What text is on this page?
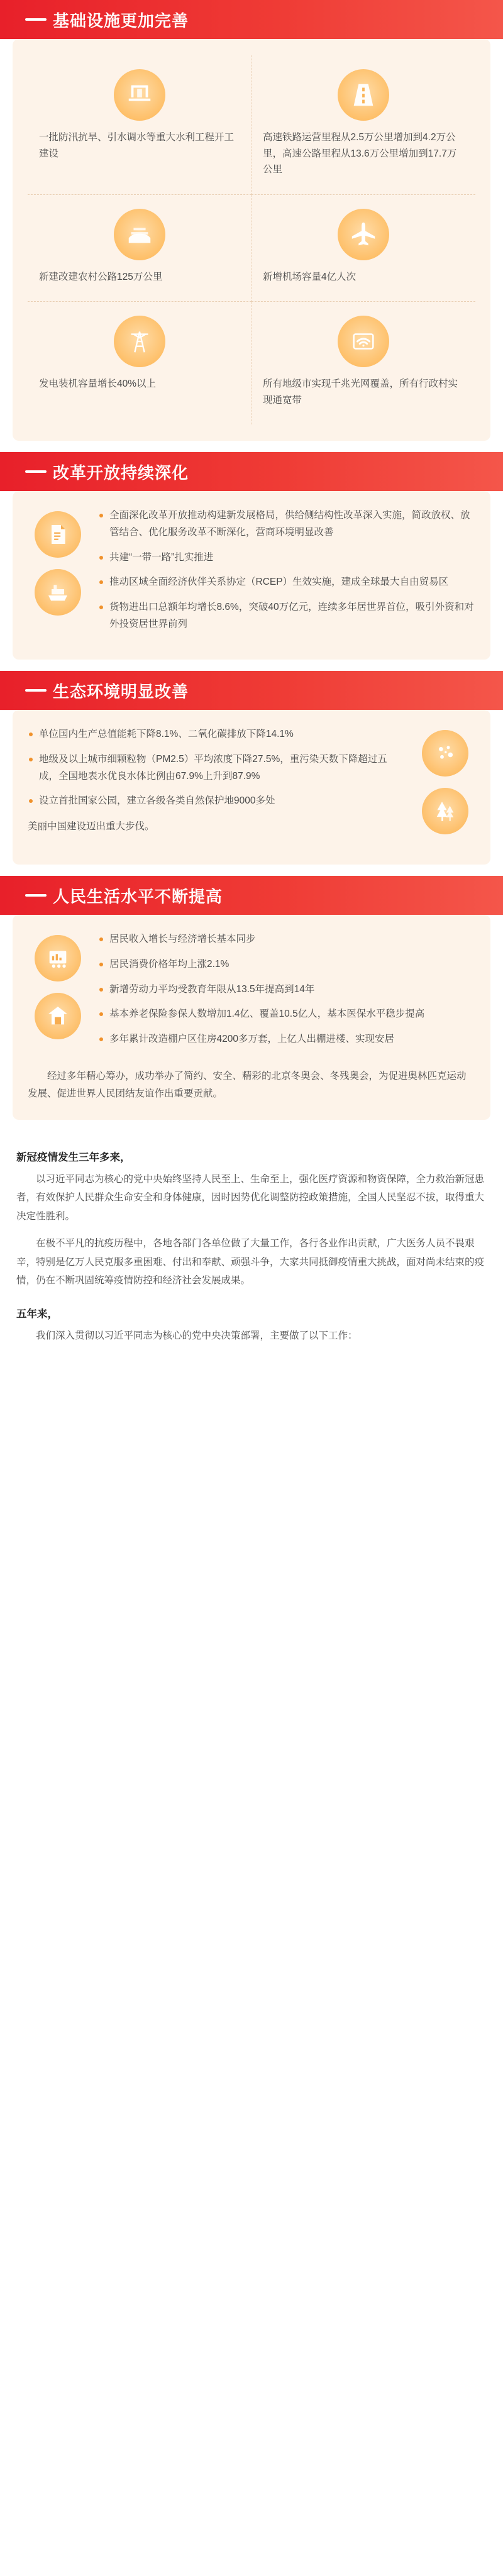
基础设施更加完善
一批防汛抗旱、引水调水等重大水利工程开工建设
高速铁路运营里程从2.5万公里增加到4.2万公里，高速公路里程从13.6万公里增加到17.7万公里
新建改建农村公路125万公里	新增机场容量4亿人次
发电装机容量增长40%以上	所有地级市实现千兆光网覆盖，所有行政村实现通宽带
改革开放持续深化
全面深化改革开放推动构建新发展格局，供给侧结构性改革深入实施，简政放权、放管结合、优化服务改革不断深化，营商环境明显改善
共建“一带一路”扎实推进
推动区域全面经济伙伴关系协定（RCEP）生效实施，建成全球最大自由贸易区
货物进出口总额年均增长8.6%，突破40万亿元，连续多年居世界首位，吸引外资和对外投资居世界前列
生态环境明显改善
单位国内生产总值能耗下降8.1%、二氧化碳排放下降14.1%
地级及以上城市细颗粒物（PM2.5）平均浓度下降27.5%，重污染天数下降超过五成，全国地表水优良水体比例由67.9%上升到87.9%
设立首批国家公园，建立各级各类自然保护地9000多处
美丽中国建设迈出重大步伐。
人民生活水平不断提高
居民收入增长与经济增长基本同步
居民消费价格年均上涨2.1%
新增劳动力平均受教育年限从13.5年提高到14年
基本养老保险参保人数增加1.4亿、覆盖10.5亿人，基本医保水平稳步提高
多年累计改造棚户区住房4200多万套，上亿人出棚进楼、实现安居
经过多年精心筹办，成功举办了简约、安全、精彩的北京冬奥会、冬残奥会，为促进奥林匹克运动发展、促进世界人民团结友谊作出重要贡献。
新冠疫情发生三年多来，

以习近平同志为核心的党中央始终坚持人民至上、生命至上，强化医疗资源和物资保障，全力救治新冠患者，有效保护人民群众生命安全和身体健康，因时因势优化调整防控政策措施，全国人民坚忍不拔，取得重大决定性胜利。

在极不平凡的抗疫历程中，各地各部门各单位做了大量工作，各行各业作出贡献，广大医务人员不畏艰辛，特别是亿万人民克服多重困难、付出和奉献、顽强斗争，大家共同抵御疫情重大挑战，面对尚未结束的疫情，仍在不断巩固统筹疫情防控和经济社会发展成果。

五年来，

我们深入贯彻以习近平同志为核心的党中央决策部署，主要做了以下工作：
